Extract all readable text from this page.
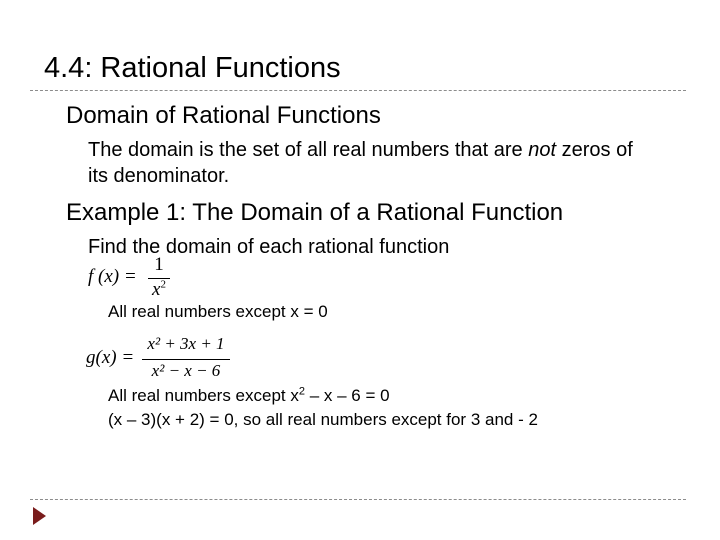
4.4: Rational Functions
Domain of Rational Functions
The domain is the set of all real numbers that are not zeros of its denominator.
Example 1: The Domain of a Rational Function
Find the domain of each rational function
f (x) =
1
$x^2$
All real numbers except x = 0
g(x) =
x² + 3x + 1
x² − x − 6
All real numbers except $x^2 - x - 6 = 0$
(x – 3)(x + 2) = 0, so all real numbers except for 3 and - 2
